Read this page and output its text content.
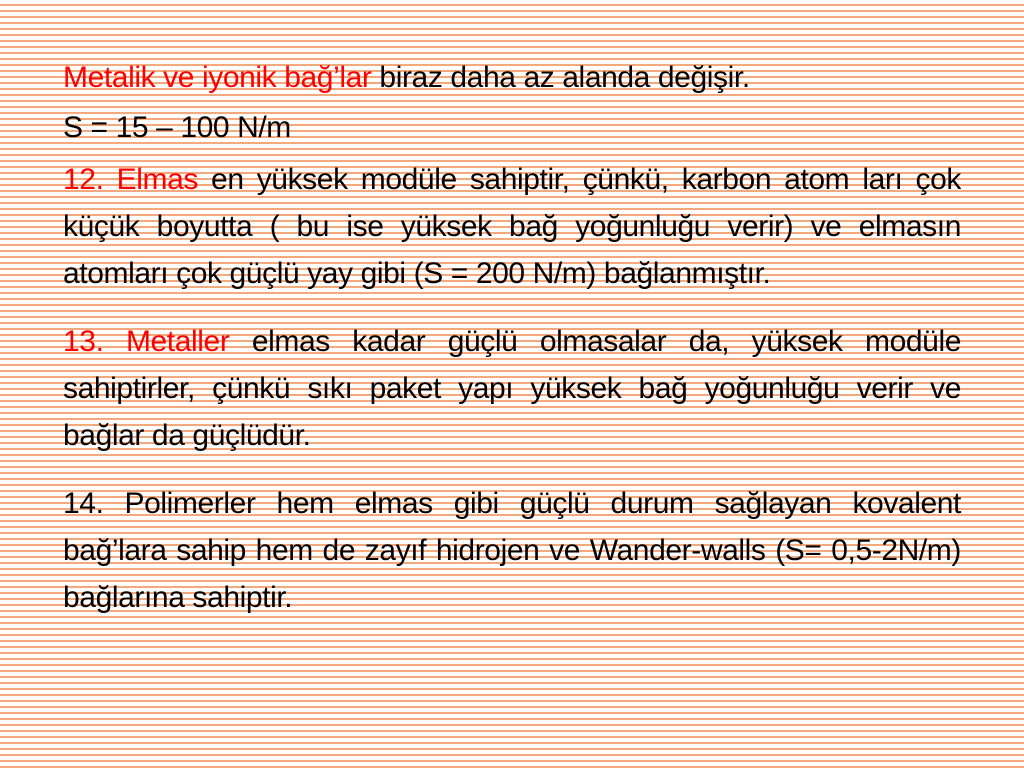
Metalik ve iyonik bağ’lar biraz daha az alanda değişir.

S = 15 – 100 N/m

12. Elmas en yüksek modüle sahiptir, çünkü, karbon atom ları çok küçük boyutta ( bu ise yüksek bağ yoğunluğu verir) ve elmasın atomları çok güçlü yay gibi (S = 200 N/m) bağlanmıştır.

13. Metaller elmas kadar güçlü olmasalar da, yüksek modüle sahiptirler, çünkü sıkı paket yapı yüksek bağ yoğunluğu verir ve bağlar da güçlüdür.

14. Polimerler hem elmas gibi güçlü durum sağlayan kovalent bağ’lara sahip hem de zayıf hidrojen ve Wander-walls (S= 0,5-2N/m) bağlarına sahiptir.
